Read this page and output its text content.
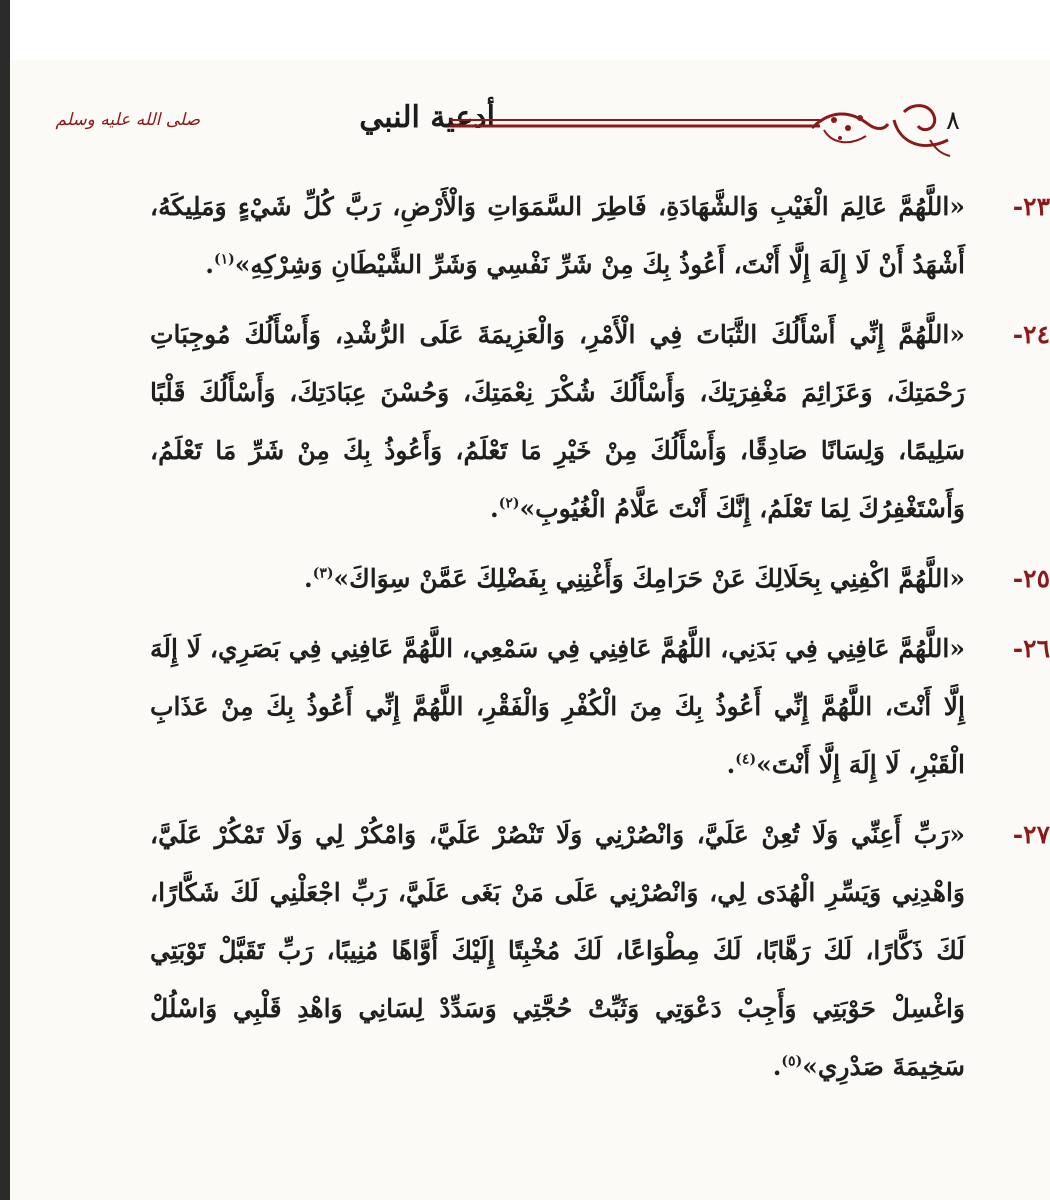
صلى الله عليه وسلم	أدعية النبي	٨
٢٣-
«اللَّهُمَّ عَالِمَ الْغَيْبِ وَالشَّهَادَةِ، فَاطِرَ السَّمَوَاتِ وَالْأَرْضِ، رَبَّ كُلِّ شَيْءٍ وَمَلِيكَهُ، أَشْهَدُ أَنْ لَا إِلَهَ إِلَّا أَنْتَ، أَعُوذُ بِكَ مِنْ شَرِّ نَفْسِي وَشَرِّ الشَّيْطَانِ وَشِرْكِهِ»$^{(١)}$.
٢٤-
«اللَّهُمَّ إِنِّي أَسْأَلُكَ الثَّبَاتَ فِي الْأَمْرِ، وَالْعَزِيمَةَ عَلَى الرُّشْدِ، وَأَسْأَلُكَ مُوجِبَاتِ رَحْمَتِكَ، وَعَزَائِمَ مَغْفِرَتِكَ، وَأَسْأَلُكَ شُكْرَ نِعْمَتِكَ، وَحُسْنَ عِبَادَتِكَ، وَأَسْأَلُكَ قَلْبًا سَلِيمًا، وَلِسَانًا صَادِقًا، وَأَسْأَلُكَ مِنْ خَيْرِ مَا تَعْلَمُ، وَأَعُوذُ بِكَ مِنْ شَرِّ مَا تَعْلَمُ، وَأَسْتَغْفِرُكَ لِمَا تَعْلَمُ، إِنَّكَ أَنْتَ عَلَّامُ الْغُيُوبِ»$^{(٢)}$.
٢٥-
«اللَّهُمَّ اكْفِنِي بِحَلَالِكَ عَنْ حَرَامِكَ وَأَغْنِنِي بِفَضْلِكَ عَمَّنْ سِوَاكَ»$^{(٣)}$.
٢٦-
«اللَّهُمَّ عَافِنِي فِي بَدَنِي، اللَّهُمَّ عَافِنِي فِي سَمْعِي، اللَّهُمَّ عَافِنِي فِي بَصَرِي، لَا إِلَهَ إِلَّا أَنْتَ، اللَّهُمَّ إِنِّي أَعُوذُ بِكَ مِنَ الْكُفْرِ وَالْفَقْرِ، اللَّهُمَّ إِنِّي أَعُوذُ بِكَ مِنْ عَذَابِ الْقَبْرِ، لَا إِلَهَ إِلَّا أَنْتَ»$^{(٤)}$.
٢٧-
«رَبِّ أَعِنِّي وَلَا تُعِنْ عَلَيَّ، وَانْصُرْنِي وَلَا تَنْصُرْ عَلَيَّ، وَامْكُرْ لِي وَلَا تَمْكُرْ عَلَيَّ، وَاهْدِنِي وَيَسِّرِ الْهُدَى لِي، وَانْصُرْنِي عَلَى مَنْ بَغَى عَلَيَّ، رَبِّ اجْعَلْنِي لَكَ شَكَّارًا، لَكَ ذَكَّارًا، لَكَ رَهَّابًا، لَكَ مِطْوَاعًا، لَكَ مُخْبِتًا إِلَيْكَ أَوَّاهًا مُنِيبًا، رَبِّ تَقَبَّلْ تَوْبَتِي وَاغْسِلْ حَوْبَتِي وَأَجِبْ دَعْوَتِي وَثَبِّتْ حُجَّتِي وَسَدِّدْ لِسَانِي وَاهْدِ قَلْبِي وَاسْلُلْ سَخِيمَةَ صَدْرِي»$^{(٥)}$.
